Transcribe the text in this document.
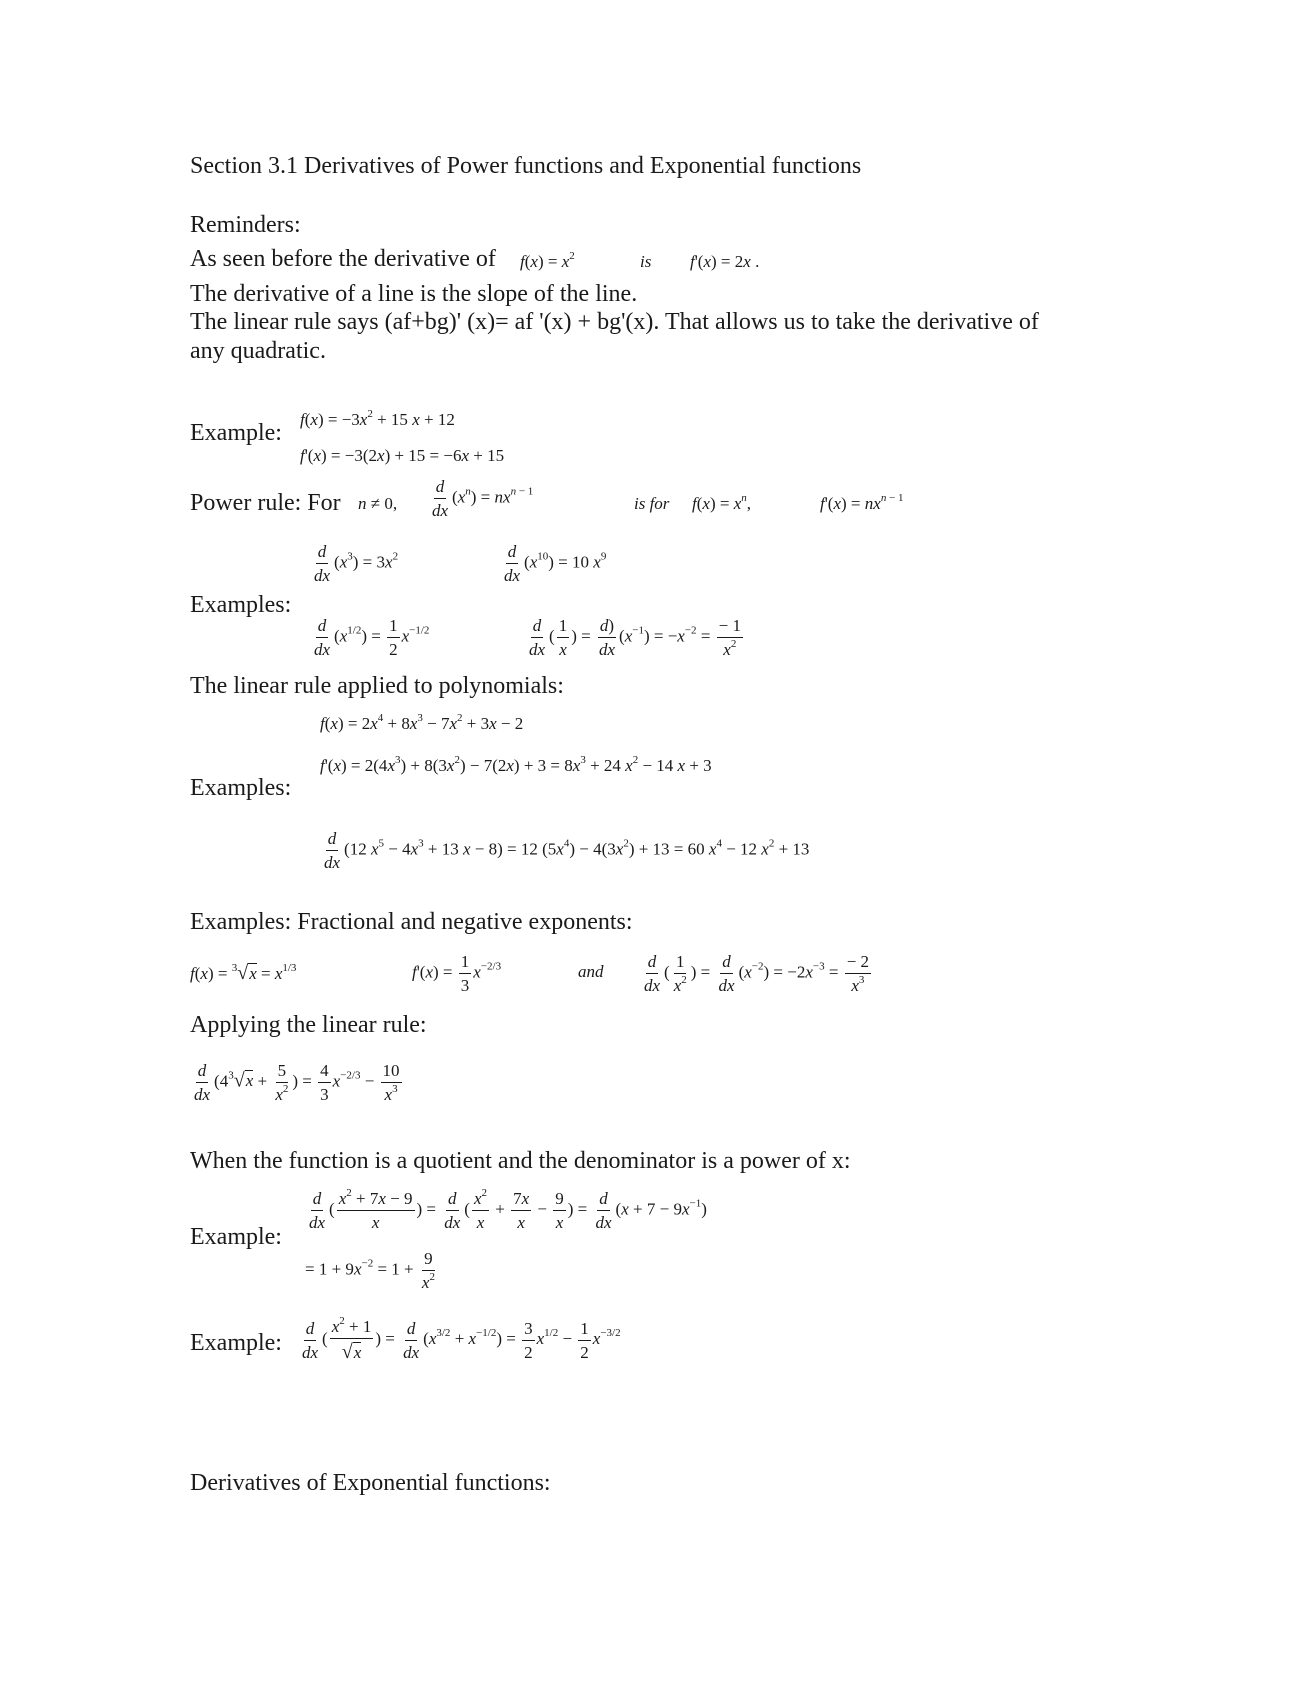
Section 3.1 Derivatives of Power functions and Exponential functions
Reminders:
As seen before the derivative of $f(x) = x^2$	is f'(x) = 2x .
The derivative of a line is the slope of the line.
The linear rule says (af+bg)' (x)= af '(x) + bg'(x). That allows us to take the derivative of
any quadratic.
Example:
$f(x) = -3x^2 + 15$ x + 12
f'(x) = −3(2x) + 15 = −6x + 15
Power rule: For n ≠ 0, $\frac{d}{dx} (x^n) = nx^{n - 1}$
is for $f(x) = x^n$,	$f'(x) = nx^{n - 1}$
Examples:
$\frac{d}{dx} (x^3) = 3x^2$	$\frac{d}{dx} (x^{10}) = 10$ $x^9$
$\frac{d}{dx} (x^{1/2}) = \frac{1}{2} x^{-1/2}$	$\frac{d}{dx}$ ( $\frac{1}{x}$ ) = $\frac{d)}{dx} (x^{-1}) = -x^{-2} = \frac{- 1}{x^2}$
The linear rule applied to polynomials:
Examples:
$f(x) = 2x^4 + 8x^3 - 7x^2 + 3x - 2$
$f'(x) = 2(4x^3) + 8(3x^2) - 7(2x) + 3 = 8x^3 + 24$ $x^2 - 14$ x + 3
$\frac{d}{dx} (12$ $x^5 - 4x^3 + 13$ x − 8) = 12 $(5x^4) - 4(3x^2) + 13 = 60$ $x^4 - 12$ $x^2 + 13$
Examples: Fractional and negative exponents:
$f(x) = ^3√x = x^{1/3}$	$f'(x) = \frac{1}{3} x^{-2/3}$	and $\frac{d}{dx}$ ( $\frac{1}{x^2}$ ) = $\frac{d}{dx} (x^{-2}) = -2x^{-3} = \frac{- 2}{x^3}$
Applying the linear rule:
$\frac{d}{dx} (4^3√x + \frac{5}{x^2}$ ) = $\frac{4}{3} x^{-2/3} - \frac{10}{x^3}$
When the function is a quotient and the denominator is a power of x:
Example:
$\frac{d}{dx}$ ( $\frac{x^2 + 7x - 9}{x}$ ) = $\frac{d}{dx}$ ( $\frac{x^2}{x} + \frac{7x}{x} - \frac{9}{x}$ ) = $\frac{d}{dx} (x + 7 - 9x^{-1})$
= $1 + 9x^{-2} = 1 + \frac{9}{x^2}$
Example: $\frac{d}{dx}$ ( $\frac{x^2 + 1}{√x}$ ) = $\frac{d}{dx} (x^{3/2} + x^{-1/2}) = \frac{3}{2} x^{1/2} - \frac{1}{2} x^{-3/2}$
Derivatives of Exponential functions:
